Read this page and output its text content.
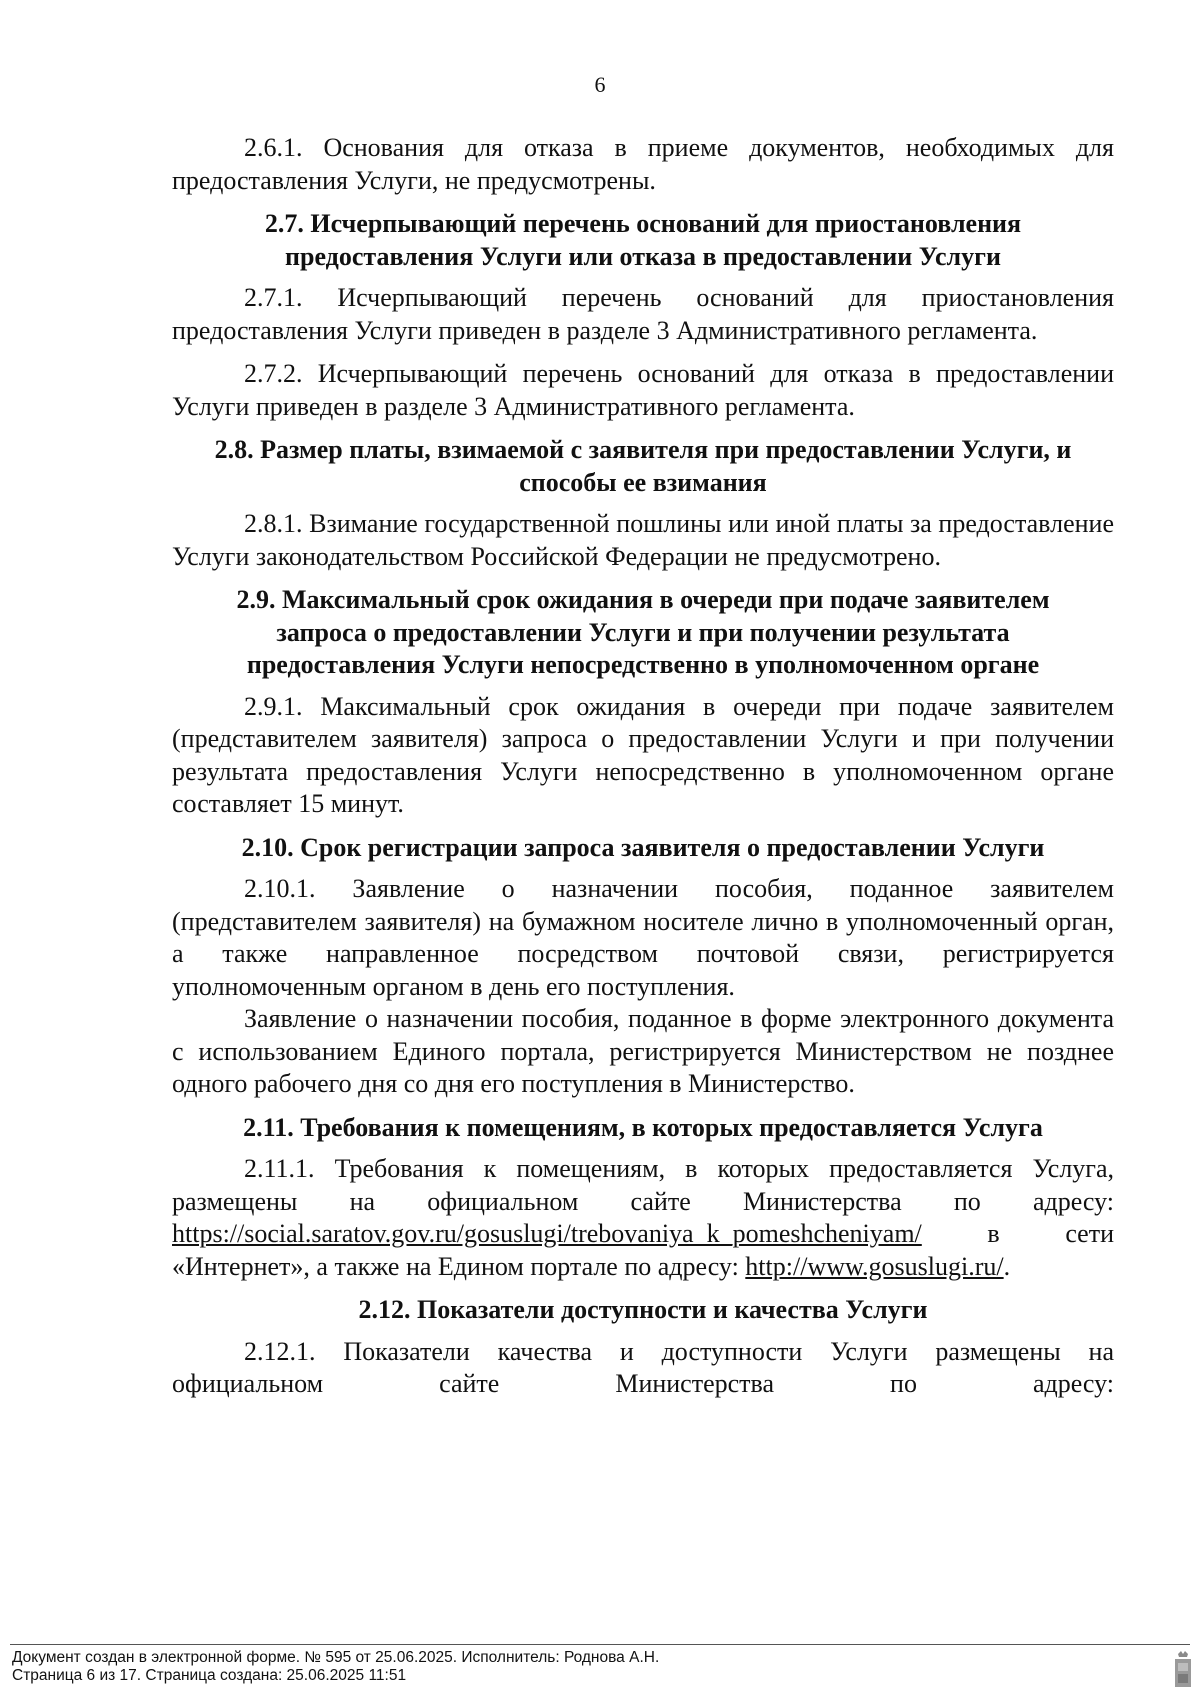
6

2.6.1. Основания для отказа в приеме документов, необходимых для предоставления Услуги, не предусмотрены.

2.7. Исчерпывающий перечень оснований для приостановления предоставления Услуги или отказа в предоставлении Услуги

2.7.1. Исчерпывающий перечень оснований для приостановления предоставления Услуги приведен в разделе 3 Административного регламента.

2.7.2. Исчерпывающий перечень оснований для отказа в предоставлении Услуги приведен в разделе 3 Административного регламента.

2.8. Размер платы, взимаемой с заявителя при предоставлении Услуги, и способы ее взимания

2.8.1. Взимание государственной пошлины или иной платы за предоставление Услуги законодательством Российской Федерации не предусмотрено.

2.9. Максимальный срок ожидания в очереди при подаче заявителем запроса о предоставлении Услуги и при получении результата предоставления Услуги непосредственно в уполномоченном органе

2.9.1. Максимальный срок ожидания в очереди при подаче заявителем (представителем заявителя) запроса о предоставлении Услуги и при получении результата предоставления Услуги непосредственно в уполномоченном органе составляет 15 минут.

2.10. Срок регистрации запроса заявителя о предоставлении Услуги

2.10.1. Заявление о назначении пособия, поданное заявителем (представителем заявителя) на бумажном носителе лично в уполномоченный орган, а также направленное посредством почтовой связи, регистрируется уполномоченным органом в день его поступления.

Заявление о назначении пособия, поданное в форме электронного документа с использованием Единого портала, регистрируется Министерством не позднее одного рабочего дня со дня его поступления в Министерство.

2.11. Требования к помещениям, в которых предоставляется Услуга

2.11.1. Требования к помещениям, в которых предоставляется Услуга, размещены на официальном сайте Министерства по адресу: https://social.saratov.gov.ru/gosuslugi/trebovaniya_k_pomeshcheniyam/ в сети «Интернет», а также на Едином портале по адресу: http://www.gosuslugi.ru/.

2.12. Показатели доступности и качества Услуги

2.12.1. Показатели качества и доступности Услуги размещены на официальном сайте Министерства по адресу:

Документ создан в электронной форме. № 595 от 25.06.2025. Исполнитель: Роднова А.Н.
Страница 6 из 17. Страница создана: 25.06.2025 11:51
